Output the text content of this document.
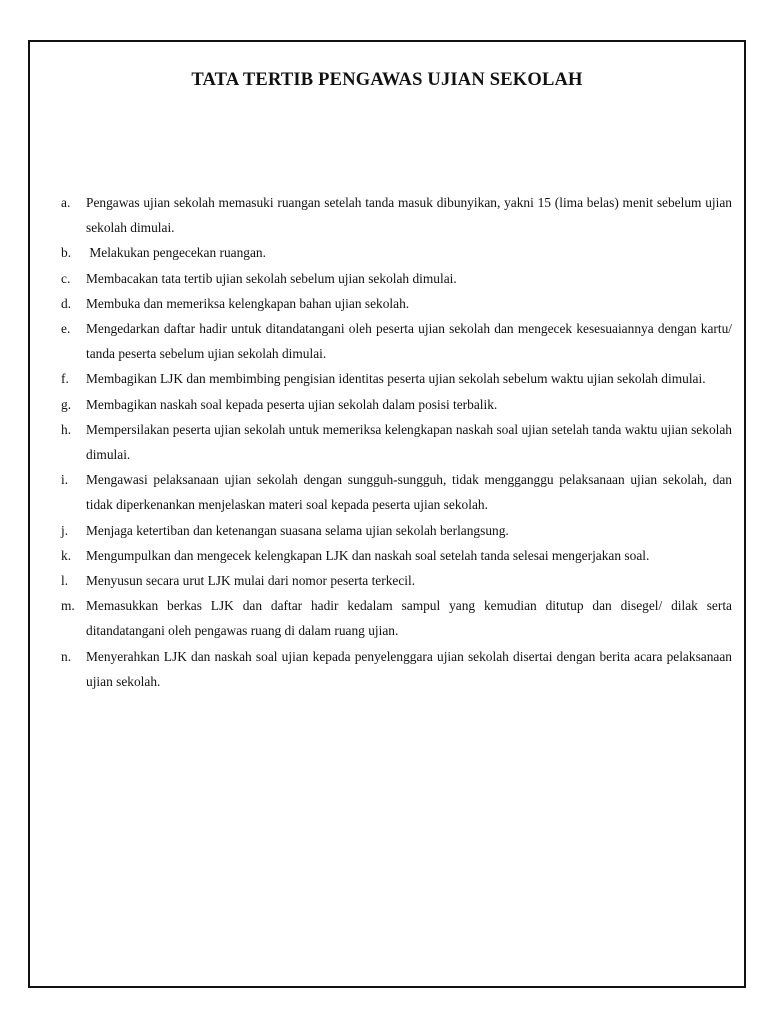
TATA TERTIB PENGAWAS UJIAN SEKOLAH
a. Pengawas ujian sekolah memasuki ruangan setelah tanda masuk dibunyikan, yakni 15 (lima belas) menit sebelum ujian sekolah dimulai.
b. Melakukan pengecekan ruangan.
c. Membacakan tata tertib ujian sekolah sebelum ujian sekolah dimulai.
d. Membuka dan memeriksa kelengkapan bahan ujian sekolah.
e. Mengedarkan daftar hadir untuk ditandatangani oleh peserta ujian sekolah dan mengecek kesesuaiannya dengan kartu/ tanda peserta sebelum ujian sekolah dimulai.
f. Membagikan LJK dan membimbing pengisian identitas peserta ujian sekolah sebelum waktu ujian sekolah dimulai.
g. Membagikan naskah soal kepada peserta ujian sekolah dalam posisi terbalik.
h. Mempersilakan peserta ujian sekolah untuk memeriksa kelengkapan naskah soal ujian setelah tanda waktu ujian sekolah dimulai.
i. Mengawasi pelaksanaan ujian sekolah dengan sungguh-sungguh, tidak mengganggu pelaksanaan ujian sekolah, dan tidak diperkenankan menjelaskan materi soal kepada peserta ujian sekolah.
j. Menjaga ketertiban dan ketenangan suasana selama ujian sekolah berlangsung.
k. Mengumpulkan dan mengecek kelengkapan LJK dan naskah soal setelah tanda selesai mengerjakan soal.
l. Menyusun secara urut LJK mulai dari nomor peserta terkecil.
m. Memasukkan berkas LJK dan daftar hadir kedalam sampul yang kemudian ditutup dan disegel/ dilak serta ditandatangani oleh pengawas ruang di dalam ruang ujian.
n. Menyerahkan LJK dan naskah soal ujian kepada penyelenggara ujian sekolah disertai dengan berita acara pelaksanaan ujian sekolah.
